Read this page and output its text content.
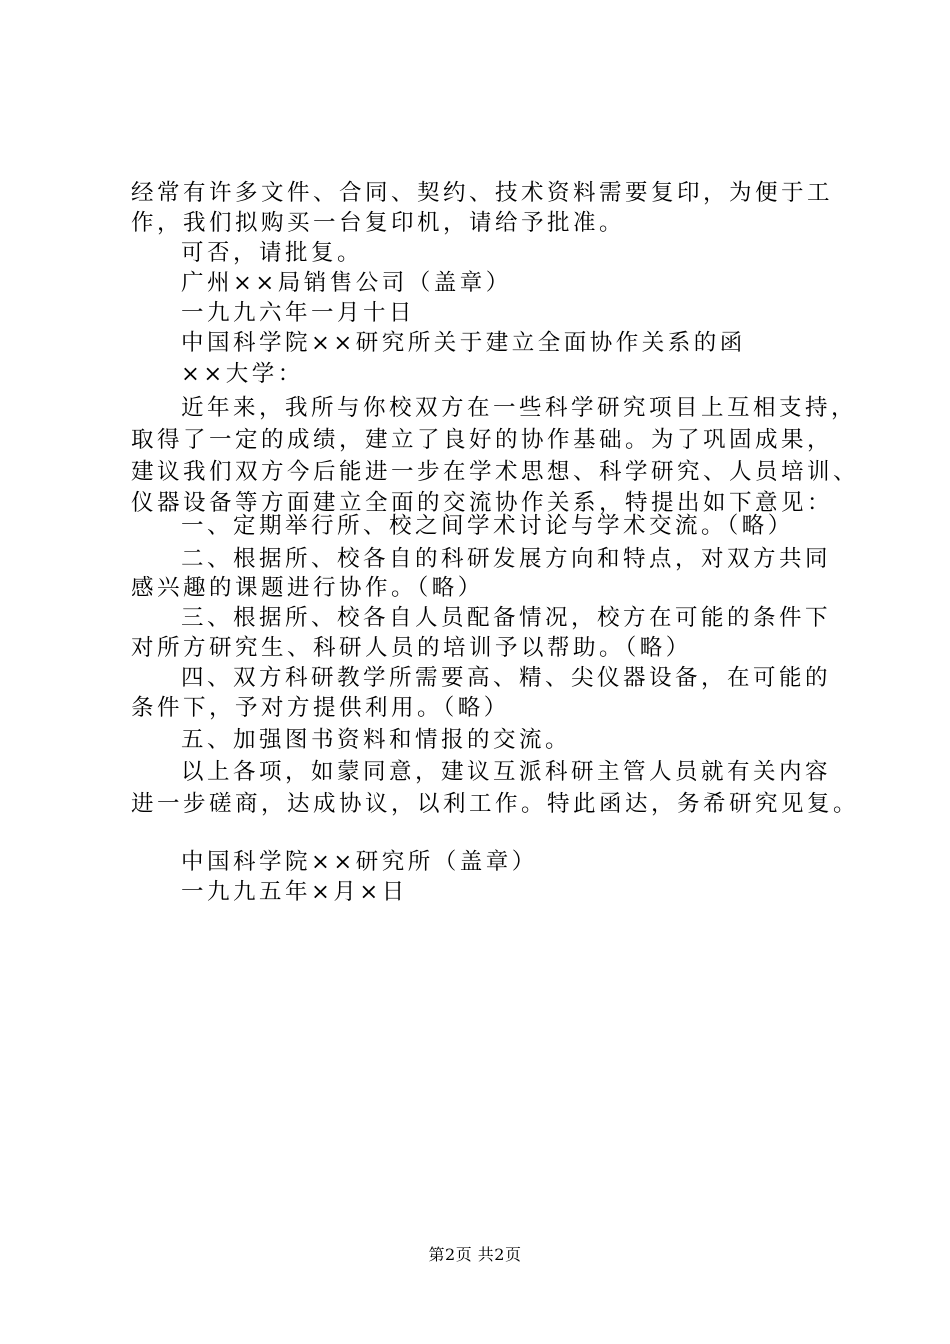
经常有许多文件、合同、契约、技术资料需要复印，为便于工
作，我们拟购买一台复印机，请给予批准。
可否，请批复。
广州××局销售公司（盖章）
一九九六年一月十日
中国科学院××研究所关于建立全面协作关系的函
××大学：
近年来，我所与你校双方在一些科学研究项目上互相支持，
取得了一定的成绩，建立了良好的协作基础。为了巩固成果，
建议我们双方今后能进一步在学术思想、科学研究、人员培训、
仪器设备等方面建立全面的交流协作关系，特提出如下意见：
一、定期举行所、校之间学术讨论与学术交流。（略）
二、根据所、校各自的科研发展方向和特点，对双方共同
感兴趣的课题进行协作。（略）
三、根据所、校各自人员配备情况，校方在可能的条件下
对所方研究生、科研人员的培训予以帮助。（略）
四、双方科研教学所需要高、精、尖仪器设备，在可能的
条件下，予对方提供利用。（略）
五、加强图书资料和情报的交流。
以上各项，如蒙同意，建议互派科研主管人员就有关内容
进一步磋商，达成协议，以利工作。特此函达，务希研究见复。
中国科学院××研究所（盖章）
一九九五年×月×日
第2页 共2页
